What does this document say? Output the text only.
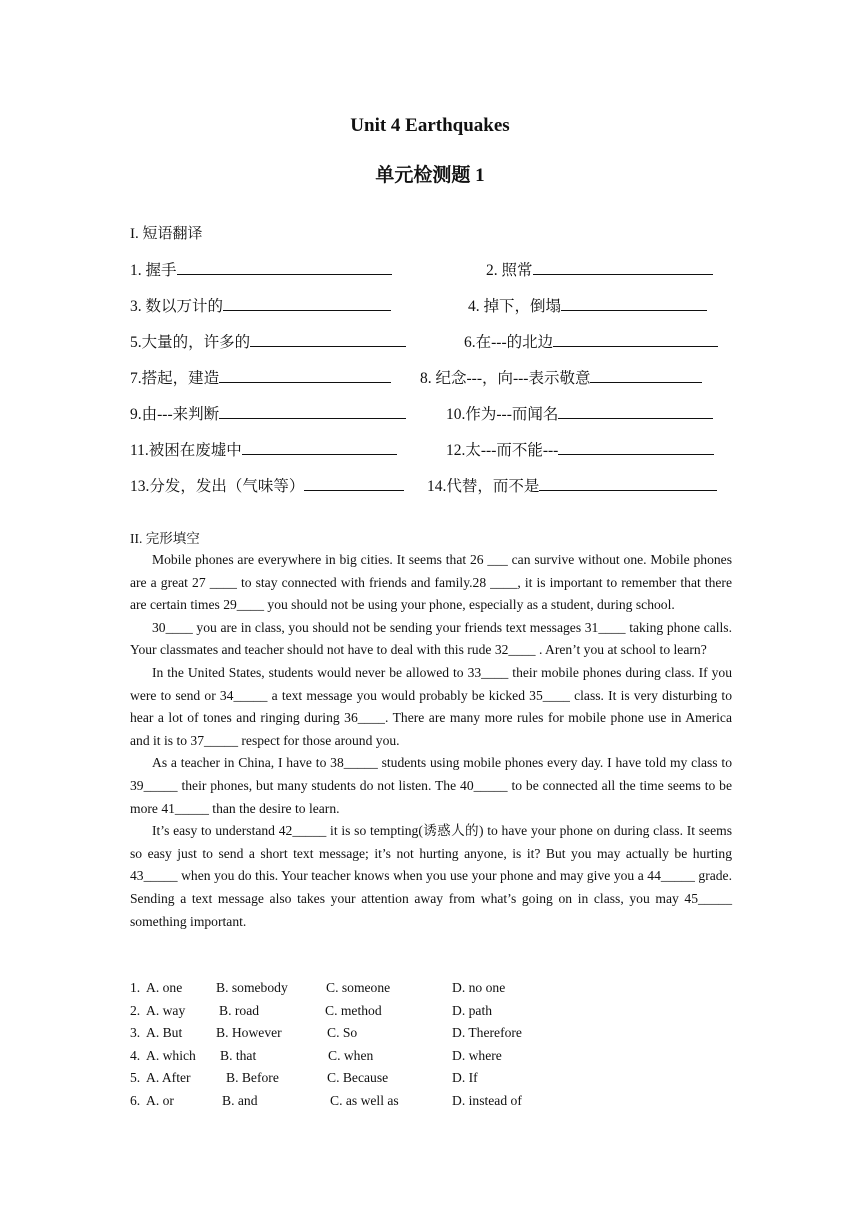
Unit 4 Earthquakes
单元检测题 1
I. 短语翻译
1. 握手	2. 照常
3. 数以万计的	4. 掉下，倒塌
5.大量的，许多的	6.在---的北边
7.搭起，建造	8. 纪念---，向---表示敬意
9.由---来判断	10.作为---而闻名
11.被困在废墟中	12.太---而不能---
13.分发，发出（气味等）	14.代替，而不是
II. 完形填空

Mobile phones are everywhere in big cities. It seems that 26 ___ can survive without one. Mobile phones are a great 27 ____ to stay connected with friends and family.28 ____, it is important to remember that there are certain times 29____ you should not be using your phone, especially as a student, during school.

30____ you are in class, you should not be sending your friends text messages 31____ taking phone calls. Your classmates and teacher should not have to deal with this rude 32____ . Aren’t you at school to learn?

In the United States, students would never be allowed to 33____ their mobile phones during class. If you were to send or 34_____ a text message you would probably be kicked 35____ class. It is very disturbing to hear a lot of tones and ringing during 36____. There are many more rules for mobile phone use in America and it is to 37_____ respect for those around you.

As a teacher in China, I have to 38_____ students using mobile phones every day. I have told my class to 39_____ their phones, but many students do not listen. The 40_____ to be connected all the time seems to be more 41_____ than the desire to learn.

It’s easy to understand 42_____ it is so tempting(诱惑人的) to have your phone on during class. It seems so easy just to send a short text message; it’s not hurting anyone, is it? But you may actually be hurting 43_____ when you do this. Your teacher knows when you use your phone and may give you a 44_____ grade. Sending a text message also takes your attention away from what’s going on in class, you may 45_____ something important.

1. A. one B. somebody	C. someone	D. no one
2. A. way B. road	C. method	D. path
3. A. But B. However	C. So	D. Therefore
4. A. which B. that	C. when	D. where
5. A. After	B. Before	C. Because	D. If
6. A. or	B. and	C. as well as	D. instead of
